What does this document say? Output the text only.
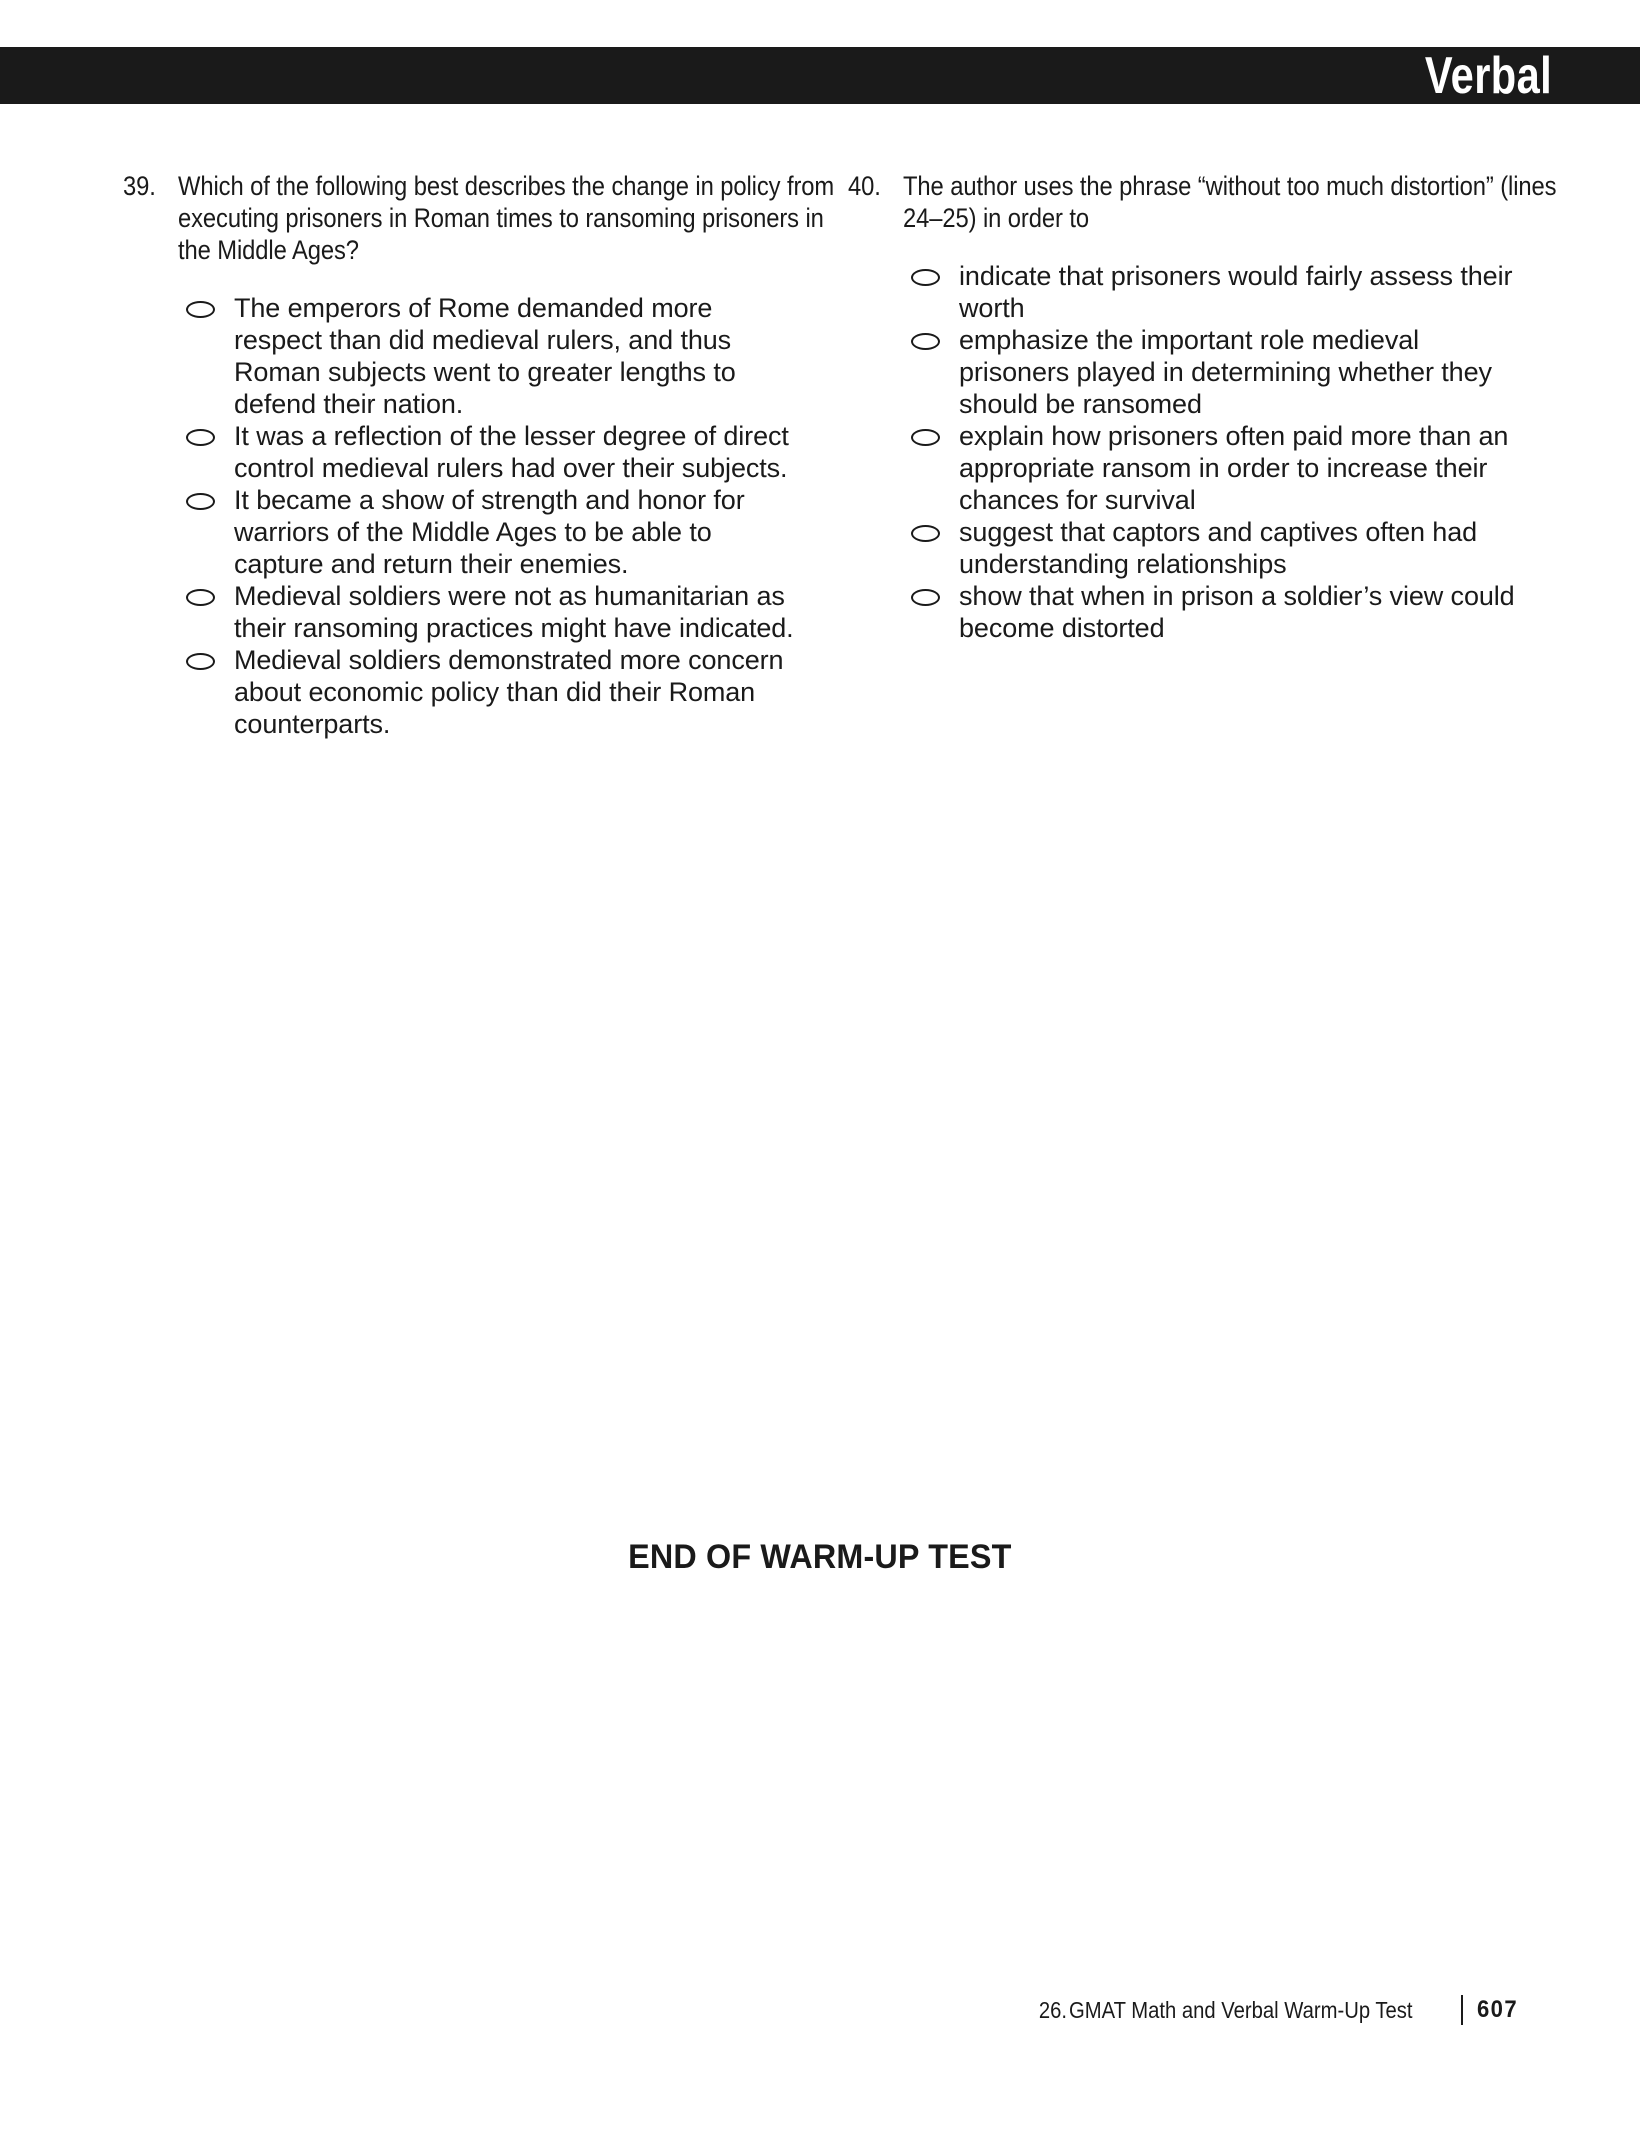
Verbal
39. Which of the following best describes the change in policy from executing prisoners in Roman times to ransoming prisoners in the Middle Ages?
The emperors of Rome demanded more respect than did medieval rulers, and thus Roman subjects went to greater lengths to defend their nation.
It was a reflection of the lesser degree of direct control medieval rulers had over their subjects.
It became a show of strength and honor for warriors of the Middle Ages to be able to capture and return their enemies.
Medieval soldiers were not as humanitarian as their ransoming practices might have indicated.
Medieval soldiers demonstrated more concern about economic policy than did their Roman counterparts.
40. The author uses the phrase “without too much distortion” (lines 24–25) in order to
indicate that prisoners would fairly assess their worth
emphasize the important role medieval prisoners played in determining whether they should be ransomed
explain how prisoners often paid more than an appropriate ransom in order to increase their chances for survival
suggest that captors and captives often had understanding relationships
show that when in prison a soldier’s view could become distorted
END OF WARM-UP TEST
26. GMAT Math and Verbal Warm-Up Test	607
